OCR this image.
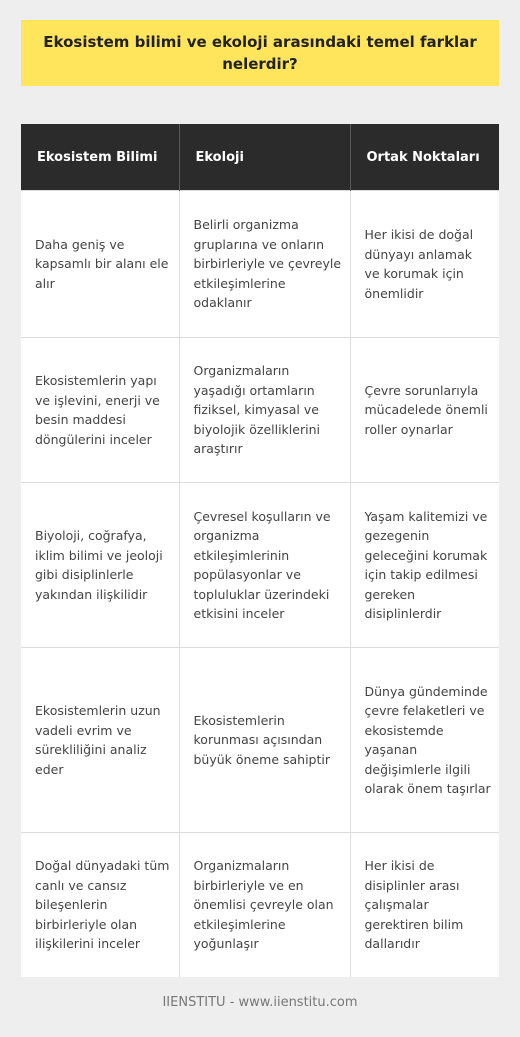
Ekosistem bilimi ve ekoloji arasındaki temel farklar nelerdir?
Ekosistem Bilimi	Ekoloji	Ortak Noktaları
Daha geniş ve kapsamlı bir alanı ele alır	Belirli organizma gruplarına ve onların birbirleriyle ve çevreyle etkileşimlerine odaklanır	Her ikisi de doğal dünyayı anlamak ve korumak için önemlidir
Ekosistemlerin yapı ve işlevini, enerji ve besin maddesi döngülerini inceler	Organizmaların yaşadığı ortamların fiziksel, kimyasal ve biyolojik özelliklerini araştırır	Çevre sorunlarıyla mücadelede önemli roller oynarlar
Biyoloji, coğrafya, iklim bilimi ve jeoloji gibi disiplinlerle yakından ilişkilidir	Çevresel koşulların ve organizma etkileşimlerinin popülasyonlar ve topluluklar üzerindeki etkisini inceler	Yaşam kalitemizi ve gezegenin geleceğini korumak için takip edilmesi gereken disiplinlerdir
Ekosistemlerin uzun vadeli evrim ve sürekliliğini analiz eder	Ekosistemlerin korunması açısından büyük öneme sahiptir	Dünya gündeminde çevre felaketleri ve ekosistemde yaşanan değişimlerle ilgili olarak önem taşırlar
Doğal dünyadaki tüm canlı ve cansız bileşenlerin birbirleriyle olan ilişkilerini inceler	Organizmaların birbirleriyle ve en önemlisi çevreyle olan etkileşimlerine yoğunlaşır	Her ikisi de disiplinler arası çalışmalar gerektiren bilim dallarıdır
IIENSTITU - www.iienstitu.com
